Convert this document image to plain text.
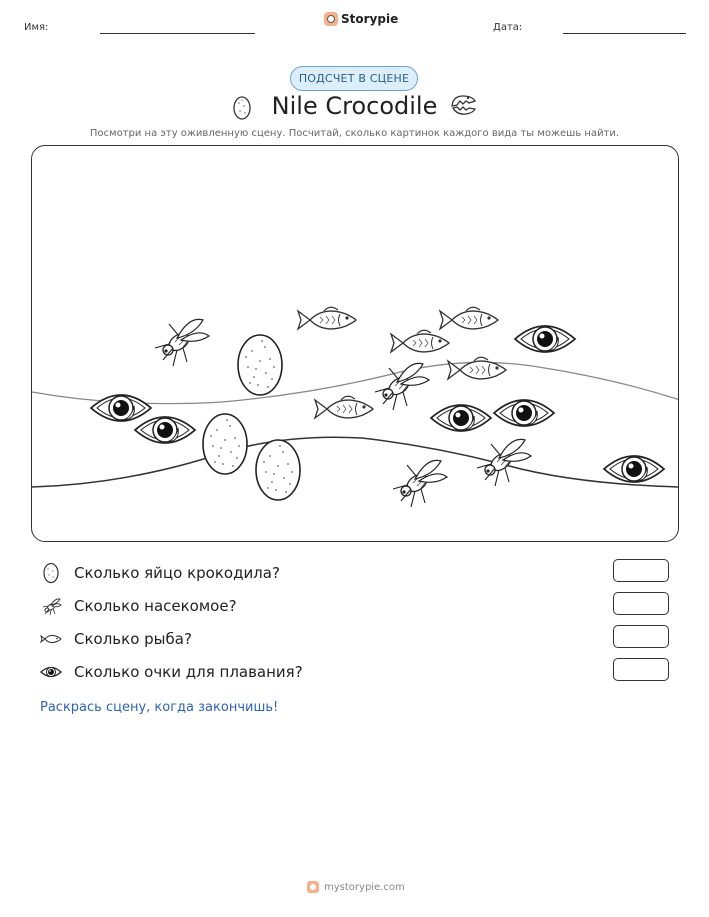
Имя:
Storypie
Дата:
ПОДСЧЕТ В СЦЕНЕ
Nile Crocodile
Посмотри на эту оживленную сцену. Посчитай, сколько картинок каждого вида ты можешь найти.
Сколько яйцо крокодила?
Сколько насекомое?
Сколько рыба?
Сколько очки для плавания?
Раскрась сцену, когда закончишь!
mystorypie.com
